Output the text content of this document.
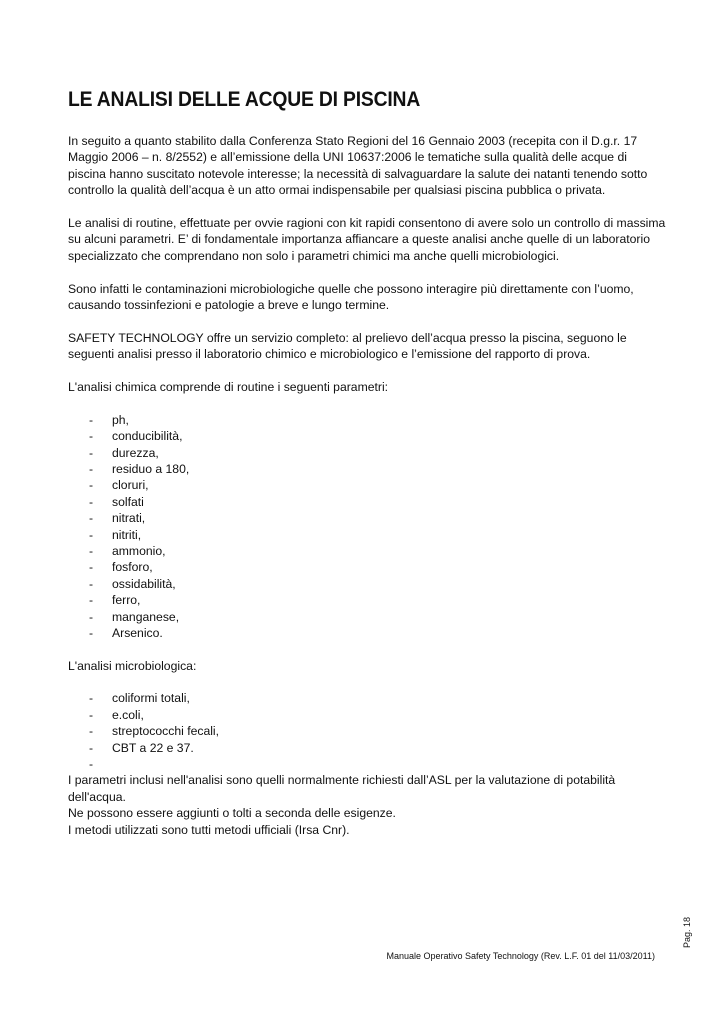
LE ANALISI DELLE ACQUE DI PISCINA

In seguito a quanto stabilito dalla Conferenza Stato Regioni del 16 Gennaio 2003 (recepita con il D.g.r. 17 Maggio 2006 – n. 8/2552) e all’emissione della UNI 10637:2006 le tematiche sulla qualità delle acque di piscina hanno suscitato notevole interesse; la necessità di salvaguardare la salute dei natanti tenendo sotto controllo la qualità dell’acqua è un atto ormai indispensabile per qualsiasi piscina pubblica o privata.

Le analisi di routine, effettuate per ovvie ragioni con kit rapidi consentono di avere solo un controllo di massima su alcuni parametri. E’ di fondamentale importanza affiancare a queste analisi anche quelle di un laboratorio specializzato che comprendano non solo i parametri chimici ma anche quelli microbiologici.

Sono infatti le contaminazioni microbiologiche quelle che possono interagire più direttamente con l’uomo, causando tossinfezioni e patologie a breve e lungo termine.

SAFETY TECHNOLOGY offre un servizio completo: al prelievo dell’acqua presso la piscina, seguono le seguenti analisi presso il laboratorio chimico e microbiologico e l’emissione del rapporto di prova.

L'analisi chimica comprende di routine i seguenti parametri:

- ph,
- conducibilità,
- durezza,
- residuo a 180,
- cloruri,
- solfati
- nitrati,
- nitriti,
- ammonio,
- fosforo,
- ossidabilità,
- ferro,
- manganese,
- Arsenico.

L'analisi microbiologica:

- coliformi totali,
- e.coli,
- streptococchi fecali,
- CBT a 22 e 37.
-

I parametri inclusi nell'analisi sono quelli normalmente richiesti dall’ASL per la valutazione di potabilità dell'acqua.

Ne possono essere aggiunti o tolti a seconda delle esigenze.

I metodi utilizzati sono tutti metodi ufficiali (Irsa Cnr).

Pag. 18
Manuale Operativo Safety Technology (Rev. L.F. 01 del 11/03/2011)
